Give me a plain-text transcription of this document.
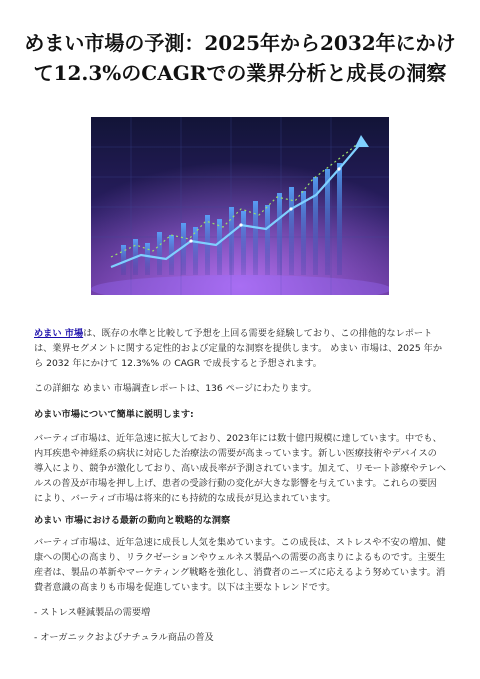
めまい市場の予測：2025年から2032年にかけて12.3%のCAGRでの業界分析と成長の洞察
めまい 市場は、既存の水準と比較して予想を上回る需要を経験しており、この排他的なレポートは、業界セグメントに関する定性的および定量的な洞察を提供します。 めまい 市場は、2025 年から 2032 年にかけて 12.3%% の CAGR で成長すると予想されます。
この詳細な めまい 市場調査レポートは、136 ページにわたります。
めまい市場について簡単に説明します:
バーティゴ市場は、近年急速に拡大しており、2023年には数十億円規模に達しています。中でも、内耳疾患や神経系の病状に対応した治療法の需要が高まっています。新しい医療技術やデバイスの導入により、競争が激化しており、高い成長率が予測されています。加えて、リモート診療やテレヘルスの普及が市場を押し上げ、患者の受診行動の変化が大きな影響を与えています。これらの要因により、バーティゴ市場は将来的にも持続的な成長が見込まれています。
めまい 市場における最新の動向と戦略的な洞察
バーティゴ市場は、近年急速に成長し人気を集めています。この成長は、ストレスや不安の増加、健康への関心の高まり、リラクゼーションやウェルネス製品への需要の高まりによるものです。主要生産者は、製品の革新やマーケティング戦略を強化し、消費者のニーズに応えるよう努めています。消費者意識の高まりも市場を促進しています。以下は主要なトレンドです。
- ストレス軽減製品の需要増
- オーガニックおよびナチュラル商品の普及
